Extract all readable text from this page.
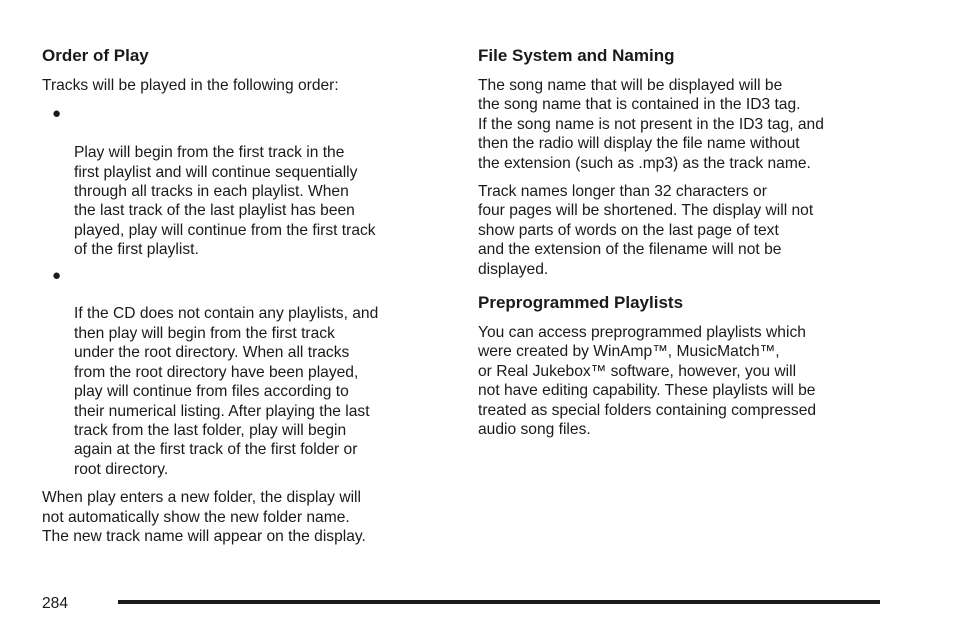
Order of Play

Tracks will be played in the following order:

●

Play will begin from the first track in the
first playlist and will continue sequentially
through all tracks in each playlist. When
the last track of the last playlist has been
played, play will continue from the first track
of the first playlist.

●

If the CD does not contain any playlists, and
then play will begin from the first track
under the root directory. When all tracks
from the root directory have been played,
play will continue from files according to
their numerical listing. After playing the last
track from the last folder, play will begin
again at the first track of the first folder or
root directory.

When play enters a new folder, the display will
not automatically show the new folder name.
The new track name will appear on the display.

File System and Naming

The song name that will be displayed will be
the song name that is contained in the ID3 tag.
If the song name is not present in the ID3 tag, and
then the radio will display the file name without
the extension (such as .mp3) as the track name.

Track names longer than 32 characters or
four pages will be shortened. The display will not
show parts of words on the last page of text
and the extension of the filename will not be
displayed.

Preprogrammed Playlists

You can access preprogrammed playlists which
were created by WinAmp™, MusicMatch™,
or Real Jukebox™ software, however, you will
not have editing capability. These playlists will be
treated as special folders containing compressed
audio song files.

284
